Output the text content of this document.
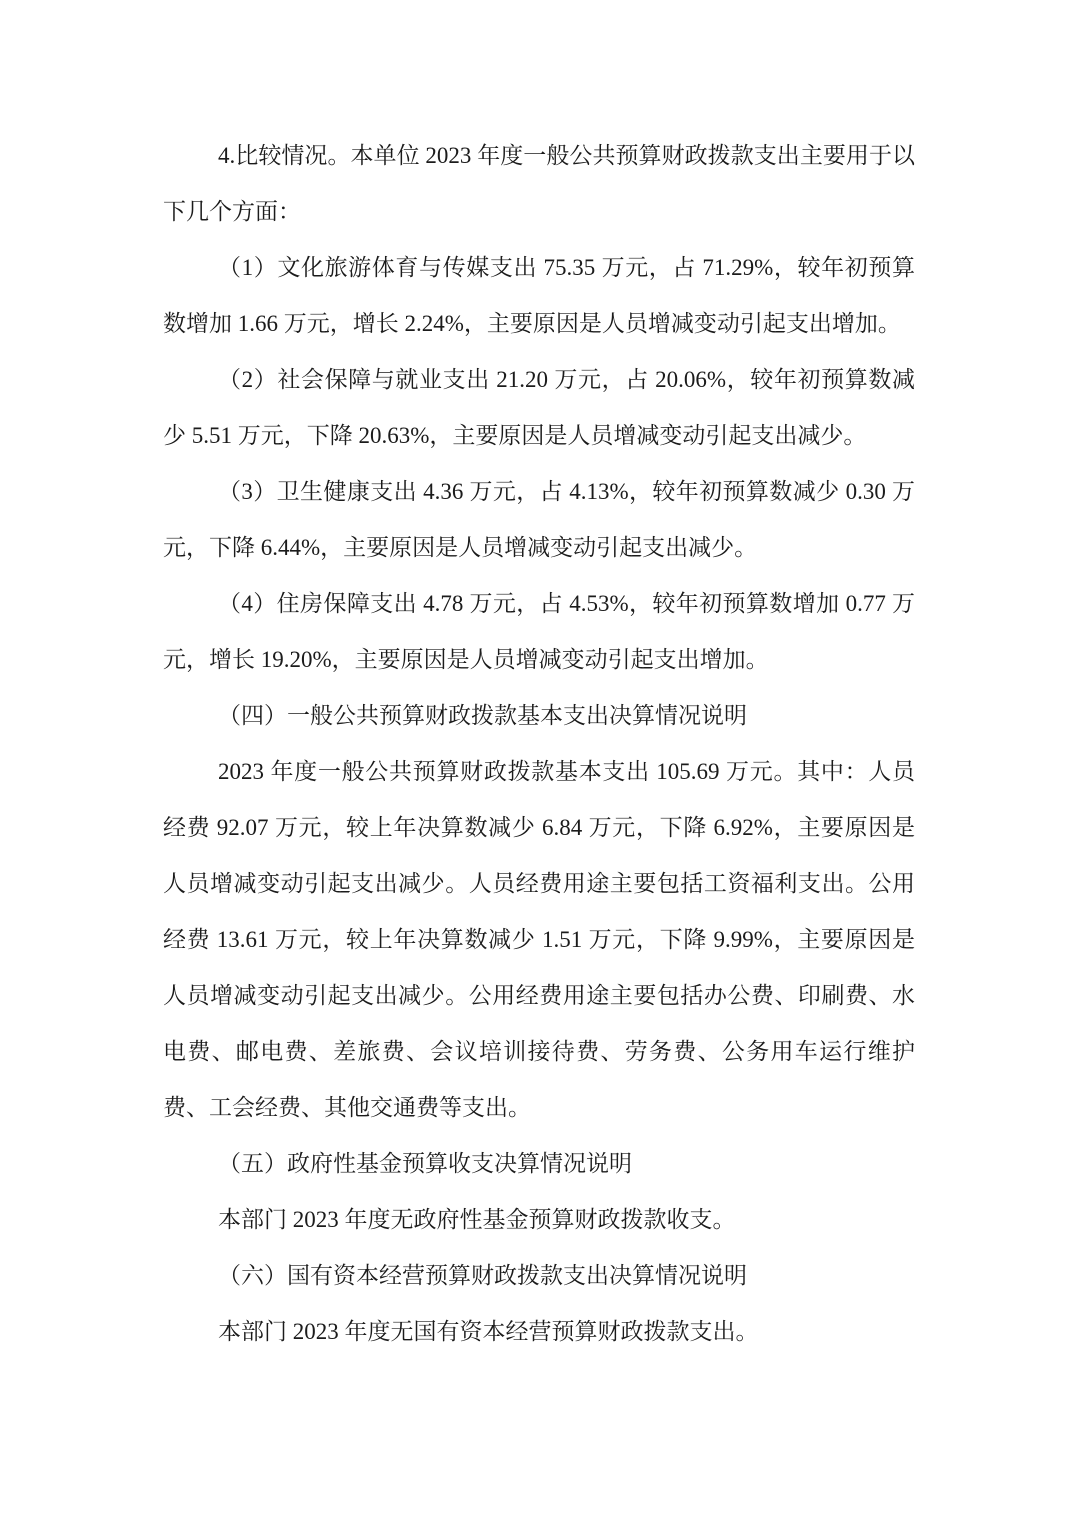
4.比较情况。本单位 2023 年度一般公共预算财政拨款支出主要用于以下几个方面：

（1）文化旅游体育与传媒支出 75.35 万元，占 71.29%，较年初预算数增加 1.66 万元，增长 2.24%，主要原因是人员增减变动引起支出增加。

（2）社会保障与就业支出 21.20 万元，占 20.06%，较年初预算数减少 5.51 万元，下降 20.63%，主要原因是人员增减变动引起支出减少。

（3）卫生健康支出 4.36 万元，占 4.13%，较年初预算数减少 0.30 万元，下降 6.44%，主要原因是人员增减变动引起支出减少。

（4）住房保障支出 4.78 万元，占 4.53%，较年初预算数增加 0.77 万元，增长 19.20%，主要原因是人员增减变动引起支出增加。

（四）一般公共预算财政拨款基本支出决算情况说明

2023 年度一般公共预算财政拨款基本支出 105.69 万元。其中：人员经费 92.07 万元，较上年决算数减少 6.84 万元，下降 6.92%，主要原因是人员增减变动引起支出减少。人员经费用途主要包括工资福利支出。公用经费 13.61 万元，较上年决算数减少 1.51 万元，下降 9.99%，主要原因是人员增减变动引起支出减少。公用经费用途主要包括办公费、印刷费、水电费、邮电费、差旅费、会议培训接待费、劳务费、公务用车运行维护费、工会经费、其他交通费等支出。

（五）政府性基金预算收支决算情况说明

本部门 2023 年度无政府性基金预算财政拨款收支。

（六）国有资本经营预算财政拨款支出决算情况说明

本部门 2023 年度无国有资本经营预算财政拨款支出。
